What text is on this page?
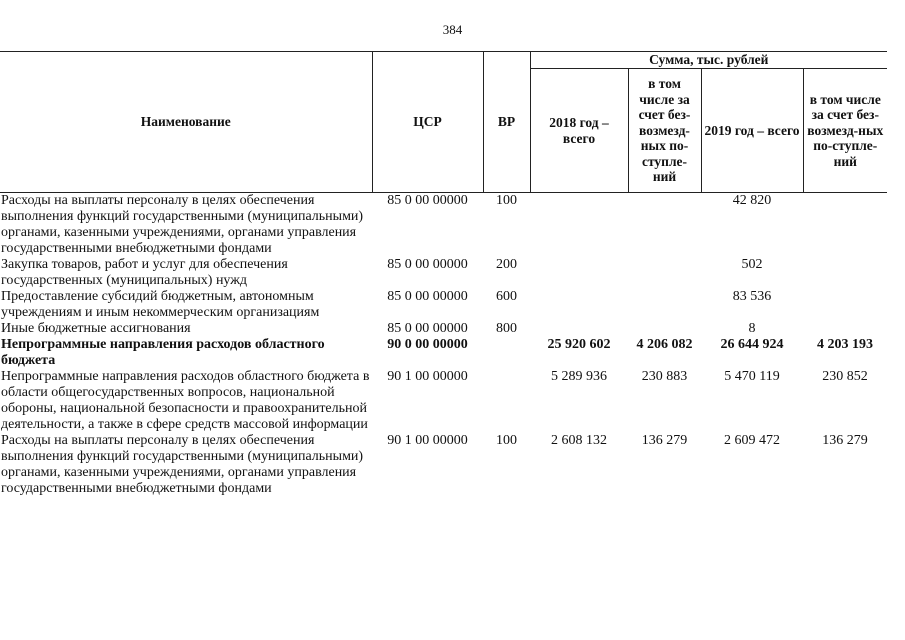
384
Наименование	ЦСР	ВР	Сумма, тыс. рублей			
			2018 год – всего	в том числе за счет без-возмезд-ных по-ступле-ний	2019 год – всего	в том числе за счет без-возмезд-ных по-ступле-ний
Расходы на выплаты персоналу в целях обеспечения выполнения функций государственными (муниципальными) органами, казенными учреждениями, органами управления государственными внебюджетными фондами	85 0 00 00000	100			42 820	
Закупка товаров, работ и услуг для обеспечения государственных (муниципальных) нужд	85 0 00 00000	200			502	
Предоставление субсидий бюджетным, автономным учреждениям и иным некоммерческим организациям	85 0 00 00000	600			83 536	
Иные бюджетные ассигнования	85 0 00 00000	800			8	
Непрограммные направления расходов областного бюджета	90 0 00 00000		25 920 602	4 206 082	26 644 924	4 203 193
Непрограммные направления расходов областного бюджета в области общегосударственных вопросов, национальной обороны, национальной безопасности и правоохранительной деятельности, а также в сфере средств массовой информации	90 1 00 00000		5 289 936	230 883	5 470 119	230 852
Расходы на выплаты персоналу в целях обеспечения выполнения функций государственными (муниципальными) органами, казенными учреждениями, органами управления государственными внебюджетными фондами	90 1 00 00000	100	2 608 132	136 279	2 609 472	136 279
